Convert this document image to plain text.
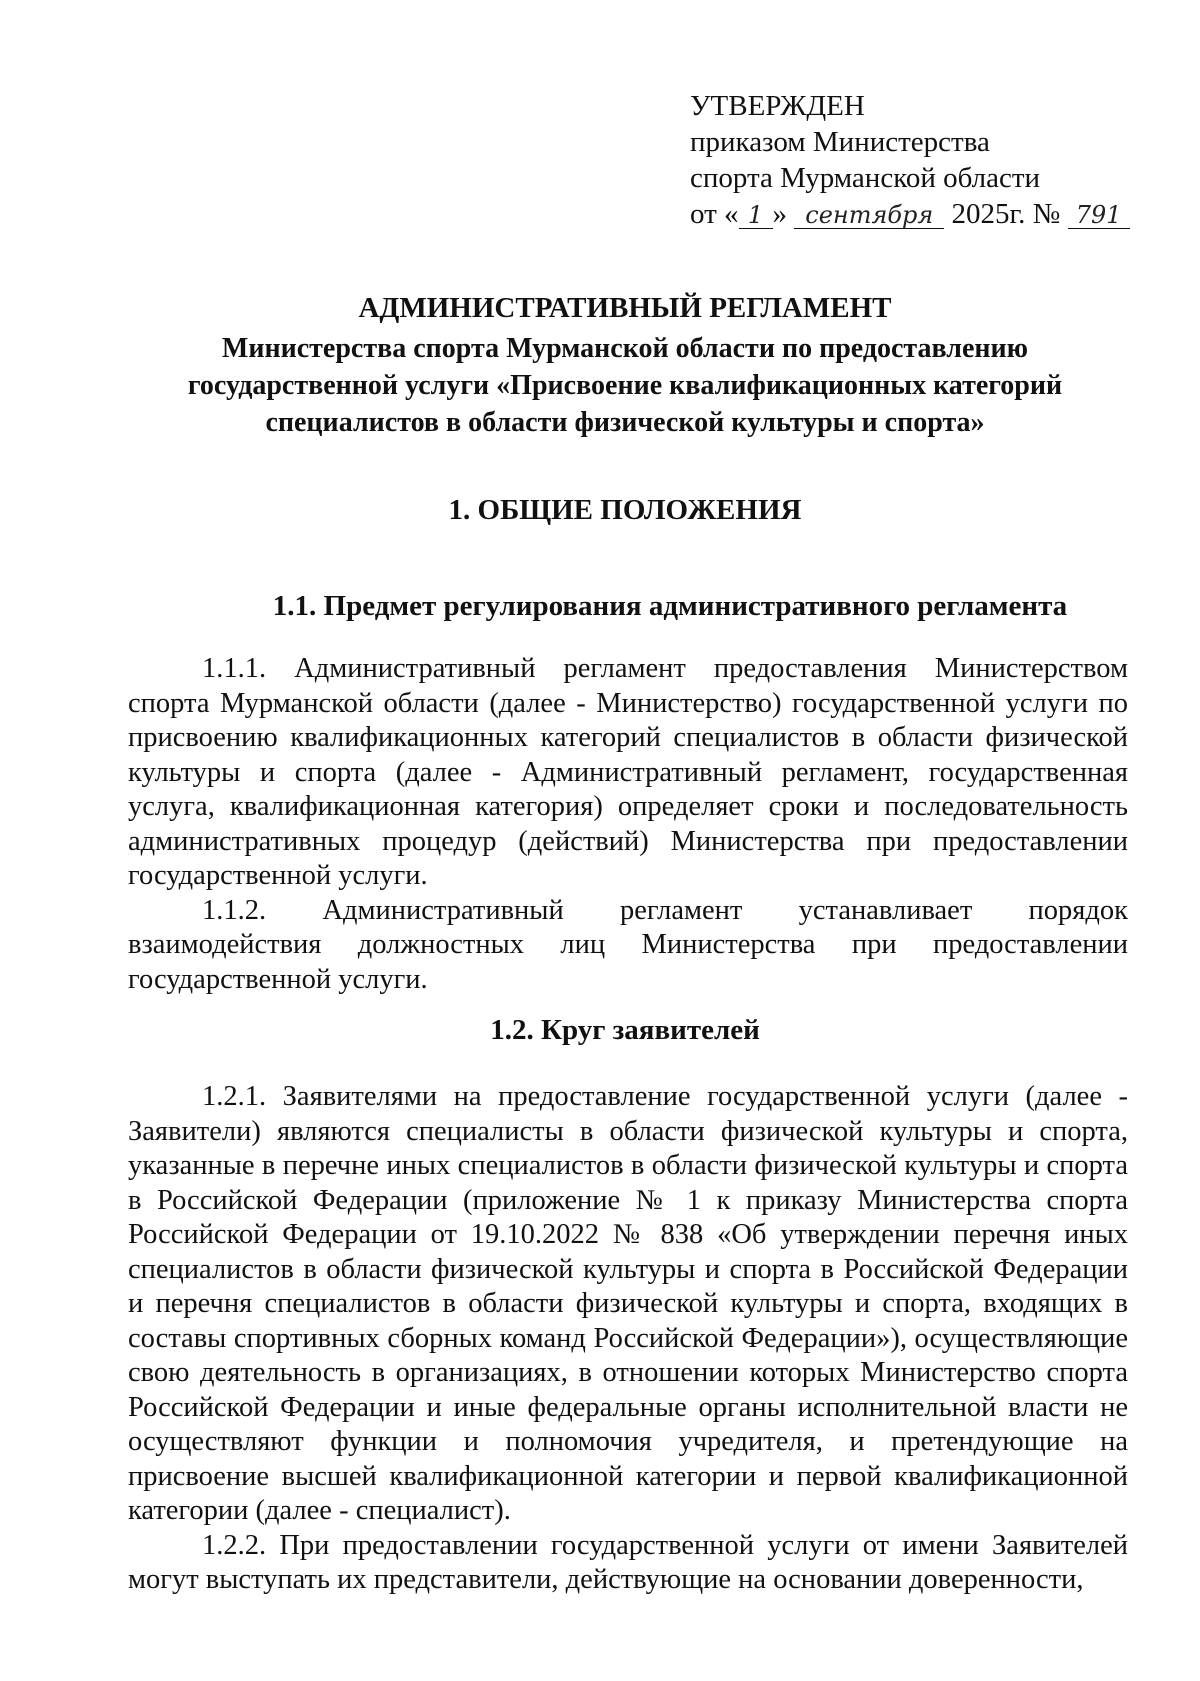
УТВЕРЖДЕН
приказом Министерства
спорта Мурманской области
от « 1 » сентября 2025г. № 791
АДМИНИСТРАТИВНЫЙ РЕГЛАМЕНТ
Министерства спорта Мурманской области по предоставлению государственной услуги «Присвоение квалификационных категорий специалистов в области физической культуры и спорта»
1. ОБЩИЕ ПОЛОЖЕНИЯ
1.1. Предмет регулирования административного регламента

1.1.1. Административный регламент предоставления Министерством спорта Мурманской области (далее - Министерство) государственной услуги по присвоению квалификационных категорий специалистов в области физической культуры и спорта (далее - Административный регламент, государственная услуга, квалификационная категория) определяет сроки и последовательность административных процедур (действий) Министерства при предоставлении государственной услуги.

1.1.2. Административный регламент устанавливает порядок взаимодействия должностных лиц Министерства при предоставлении государственной услуги.

1.2. Круг заявителей

1.2.1. Заявителями на предоставление государственной услуги (далее - Заявители) являются специалисты в области физической культуры и спорта, указанные в перечне иных специалистов в области физической культуры и спорта в Российской Федерации (приложение № 1 к приказу Министерства спорта Российской Федерации от 19.10.2022 № 838 «Об утверждении перечня иных специалистов в области физической культуры и спорта в Российской Федерации и перечня специалистов в области физической культуры и спорта, входящих в составы спортивных сборных команд Российской Федерации»), осуществляющие свою деятельность в организациях, в отношении которых Министерство спорта Российской Федерации и иные федеральные органы исполнительной власти не осуществляют функции и полномочия учредителя, и претендующие на присвоение высшей квалификационной категории и первой квалификационной категории (далее - специалист).

1.2.2. При предоставлении государственной услуги от имени Заявителей могут выступать их представители, действующие на основании доверенности,
